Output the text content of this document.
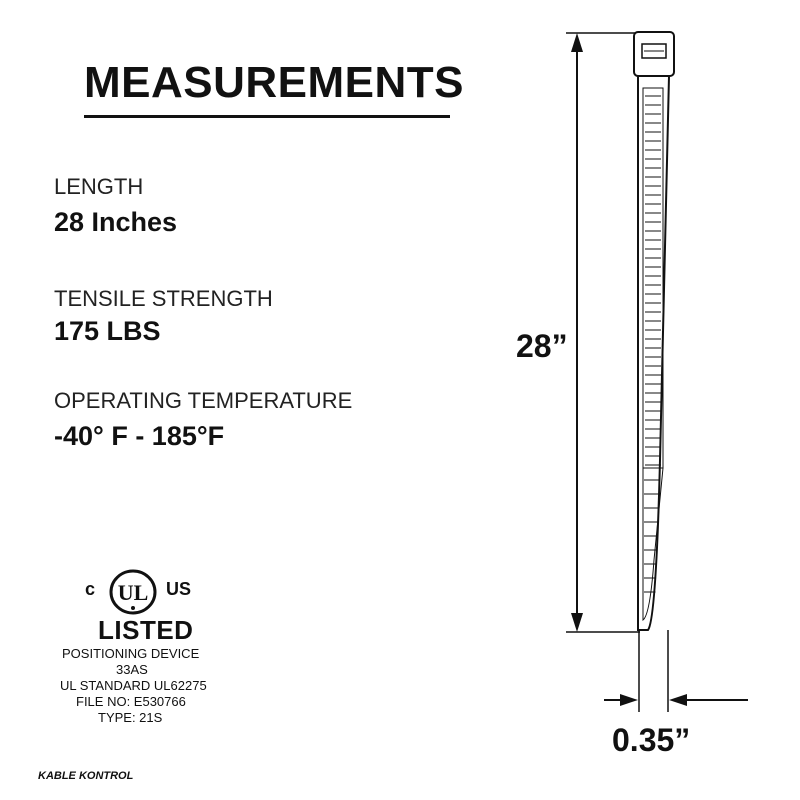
MEASUREMENTS
LENGTH
28 Inches
TENSILE STRENGTH
175 LBS
OPERATING TEMPERATURE
-40° F - 185°F
c UL US
LISTED
POSITIONING DEVICE
33AS
UL STANDARD UL62275
FILE NO: E530766
TYPE: 21S
KABLE KONTROL
28”
0.35”
